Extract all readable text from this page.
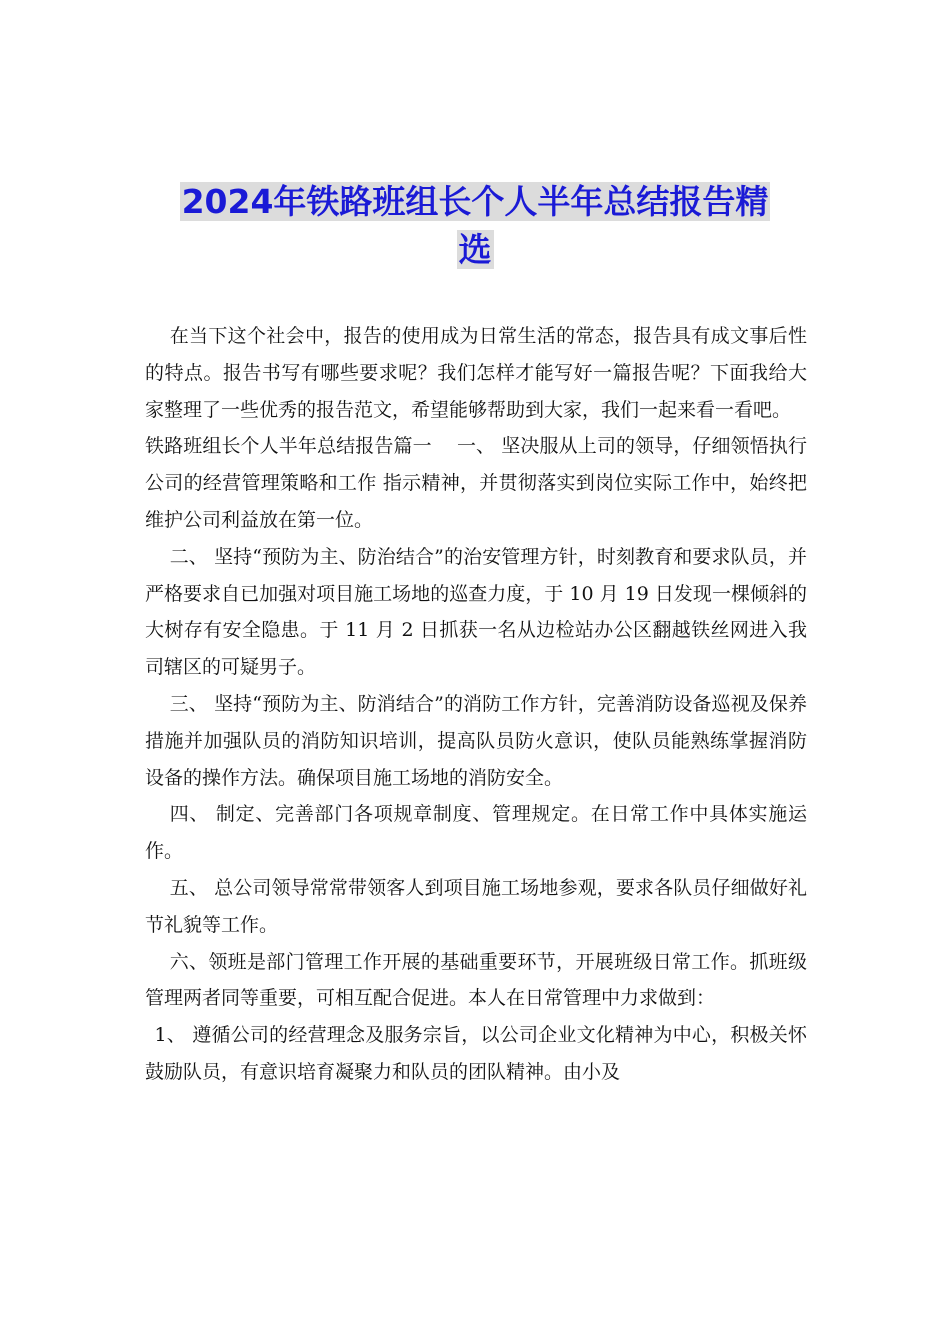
2024年铁路班组长个人半年总结报告精
选

在当下这个社会中，报告的使用成为日常生活的常态，报告具有成文事后性的特点。报告书写有哪些要求呢？我们怎样才能写好一篇报告呢？下面我给大家整理了一些优秀的报告范文，希望能够帮助到大家，我们一起来看一看吧。

铁路班组长个人半年总结报告篇一　 一、 坚决服从上司的领导，仔细领悟执行公司的经营管理策略和工作 指示精神，并贯彻落实到岗位实际工作中，始终把维护公司利益放在第一位。

二、 坚持“预防为主、防治结合”的治安管理方针，时刻教育和要求队员，并严格要求自已加强对项目施工场地的巡查力度，于 10 月 19 日发现一棵倾斜的大树存有安全隐患。于 11 月 2 日抓获一名从边检站办公区翻越铁丝网进入我司辖区的可疑男子。

三、 坚持“预防为主、防消结合”的消防工作方针，完善消防设备巡视及保养措施并加强队员的消防知识培训，提高队员防火意识，使队员能熟练掌握消防设备的操作方法。确保项目施工场地的消防安全。

四、 制定、完善部门各项规章制度、管理规定。在日常工作中具体实施运作。

五、 总公司领导常常带领客人到项目施工场地参观，要求各队员仔细做好礼节礼貌等工作。

六、领班是部门管理工作开展的基础重要环节，开展班级日常工作。抓班级管理两者同等重要，可相互配合促进。本人在日常管理中力求做到：

1、 遵循公司的经营理念及服务宗旨，以公司企业文化精神为中心，积极关怀鼓励队员，有意识培育凝聚力和队员的团队精神。由小及
